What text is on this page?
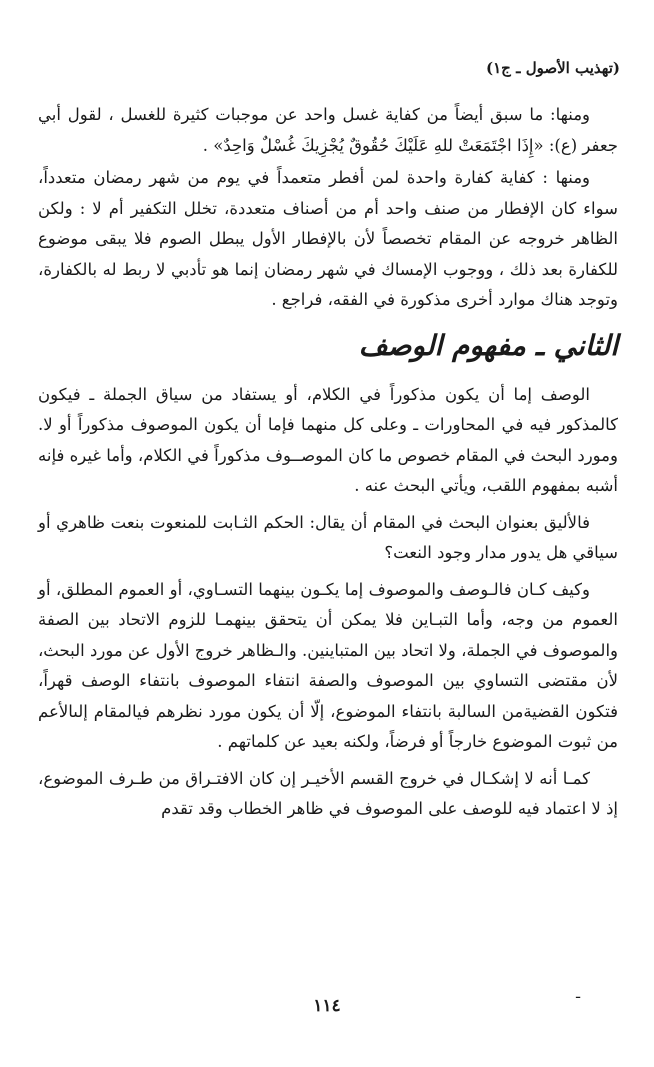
(تهذيب الأصول ـ ج١)

ومنها: ما سبق أيضاً من كفاية غسل واحد عن موجبات كثيرة للغسل ، لقول أبي جعفر (ع): «إِذَا اجْتَمَعَتْ للهِ عَلَيْكَ حُقُوقٌ يُجْزِيكَ غُسْلٌ وَاحِدٌ» .

ومنها : كفاية كفارة واحدة لمن أفطر متعمداً في يوم من شهر رمضان متعدداً، سواء كان الإفطار من صنف واحد أم من أصناف متعددة، تخلل التكفير أم لا : ولكن الظاهر خروجه عن المقام تخصصاً لأن بالإفطار الأول يبطل الصوم فلا يبقى موضوع للكفارة بعد ذلك ، ووجوب الإمساك في شهر رمضان إنما هو تأدبي لا ربط له بالكفارة، وتوجد هناك موارد أخرى مذكورة في الفقه، فراجع .

الثاني ـ مفهوم الوصف

الوصف إما أن يكون مذكوراً في الكلام، أو يستفاد من سياق الجملة ـ فيكون كالمذكور فيه في المحاورات ـ وعلى كل منهما فإما أن يكون الموصوف مذكوراً أو لا. ومورد البحث في المقام خصوص ما كان الموصــوف مذكوراً في الكلام، وأما غيره فإنه أشبه بمفهوم اللقب، ويأتي البحث عنه .

فالأليق بعنوان البحث في المقام أن يقال: الحكم الثـابت للمنعوت بنعت ظاهري أو سياقي هل يدور مدار وجود النعت؟

وكيف كـان فالـوصف والموصوف إما يكـون بينهما التسـاوي، أو العموم المطلق، أو العموم من وجه، وأما التبـاين فلا يمكن أن يتحقق بينهمـا للزوم الاتحاد بين الصفة والموصوف في الجملة، ولا اتحاد بين المتباينين. والـظاهر خروج الأول عن مورد البحث، لأن مقتضى التساوي بين الموصوف والصفة انتفاء الموصوف بانتفاء الوصف قهراً، فتكون القضيةمن السالبة بانتفاء الموضوع، إلّا أن يكون مورد نظرهم فيالمقام إلىالأعم من ثبوت الموضوع خارجاً أو فرضاً، ولكنه بعيد عن كلماتهم .

كمـا أنه لا إشكـال في خروج القسم الأخيـر إن كان الافتـراق من طـرف الموضوع، إذ لا اعتماد فيه للوصف على الموصوف في ظاهر الخطاب وقد تقدم

ـ
١١٤
